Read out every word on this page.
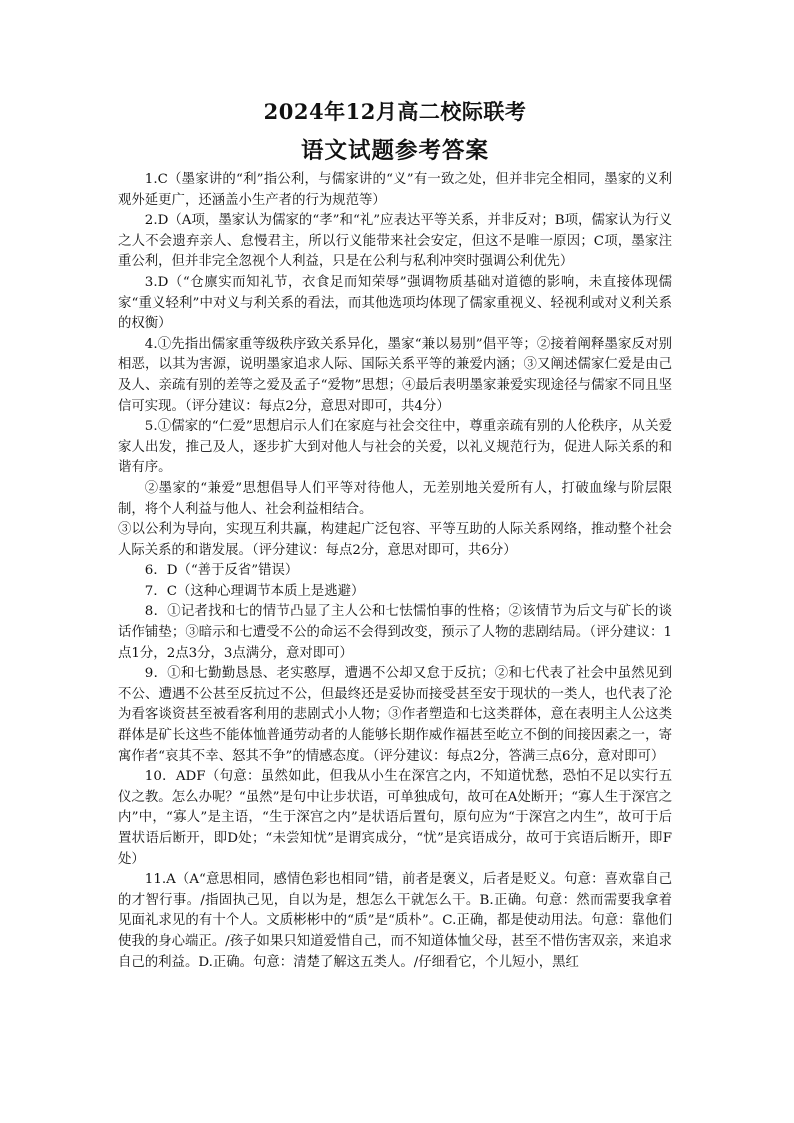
2024年12月高二校际联考
语文试题参考答案

1.C（墨家讲的“利”指公利，与儒家讲的“义”有一致之处，但并非完全相同，墨家的义利观外延更广，还涵盖小生产者的行为规范等）

2.D（A项，墨家认为儒家的“孝”和“礼”应表达平等关系，并非反对；B项，儒家认为行义之人不会遗弃亲人、怠慢君主，所以行义能带来社会安定，但这不是唯一原因；C项，墨家注重公利，但并非完全忽视个人利益，只是在公利与私利冲突时强调公利优先）

3.D（“仓廪实而知礼节，衣食足而知荣辱”强调物质基础对道德的影响，未直接体现儒家“重义轻利”中对义与利关系的看法，而其他选项均体现了儒家重视义、轻视利或对义利关系的权衡）

4.①先指出儒家重等级秩序致关系异化，墨家“兼以易别”倡平等；②接着阐释墨家反对别相恶，以其为害源，说明墨家追求人际、国际关系平等的兼爱内涵；③又阐述儒家仁爱是由己及人、亲疏有别的差等之爱及孟子“爱物”思想；④最后表明墨家兼爱实现途径与儒家不同且坚信可实现。（评分建议：每点2分，意思对即可，共4分）

5.①儒家的“仁爱”思想启示人们在家庭与社会交往中，尊重亲疏有别的人伦秩序，从关爱家人出发，推己及人，逐步扩大到对他人与社会的关爱，以礼义规范行为，促进人际关系的和谐有序。

②墨家的“兼爱”思想倡导人们平等对待他人，无差别地关爱所有人，打破血缘与阶层限制，将个人利益与他人、社会利益相结合。

③以公利为导向，实现互利共赢，构建起广泛包容、平等互助的人际关系网络，推动整个社会人际关系的和谐发展。（评分建议：每点2分，意思对即可，共6分）

6．D（“善于反省”错误）

7．C（这种心理调节本质上是逃避）

8．①记者找和七的情节凸显了主人公和七怯懦怕事的性格；②该情节为后文与矿长的谈话作铺垫；③暗示和七遭受不公的命运不会得到改变，预示了人物的悲剧结局。（评分建议：1点1分，2点3分，3点满分，意对即可）

9．①和七勤勤恳恳、老实憨厚，遭遇不公却又怠于反抗；②和七代表了社会中虽然见到不公、遭遇不公甚至反抗过不公，但最终还是妥协而接受甚至安于现状的一类人，也代表了沦为看客谈资甚至被看客利用的悲剧式小人物；③作者塑造和七这类群体，意在表明主人公这类群体是矿长这些不能体恤普通劳动者的人能够长期作威作福甚至屹立不倒的间接因素之一，寄寓作者“哀其不幸、怒其不争”的情感态度。（评分建议：每点2分，答满三点6分，意对即可）

10．ADF（句意：虽然如此，但我从小生在深宫之内，不知道忧愁，恐怕不足以实行五仪之教。怎么办呢？“虽然”是句中让步状语，可单独成句，故可在A处断开；“寡人生于深宫之内”中，“寡人”是主语，“生于深宫之内”是状语后置句，原句应为“于深宫之内生”，故可于后置状语后断开，即D处；“未尝知忧”是谓宾成分，“忧”是宾语成分，故可于宾语后断开，即F处）

11.A（A“意思相同，感情色彩也相同”错，前者是褒义，后者是贬义。句意：喜欢靠自己的才智行事。/指固执己见，自以为是，想怎么干就怎么干。B.正确。句意：然而需要我拿着见面礼求见的有十个人。文质彬彬中的“质”是“质朴”。C.正确，都是使动用法。句意：靠他们使我的身心端正。/孩子如果只知道爱惜自己，而不知道体恤父母，甚至不惜伤害双亲，来追求自己的利益。D.正确。句意：清楚了解这五类人。/仔细看它，个儿短小，黑红
